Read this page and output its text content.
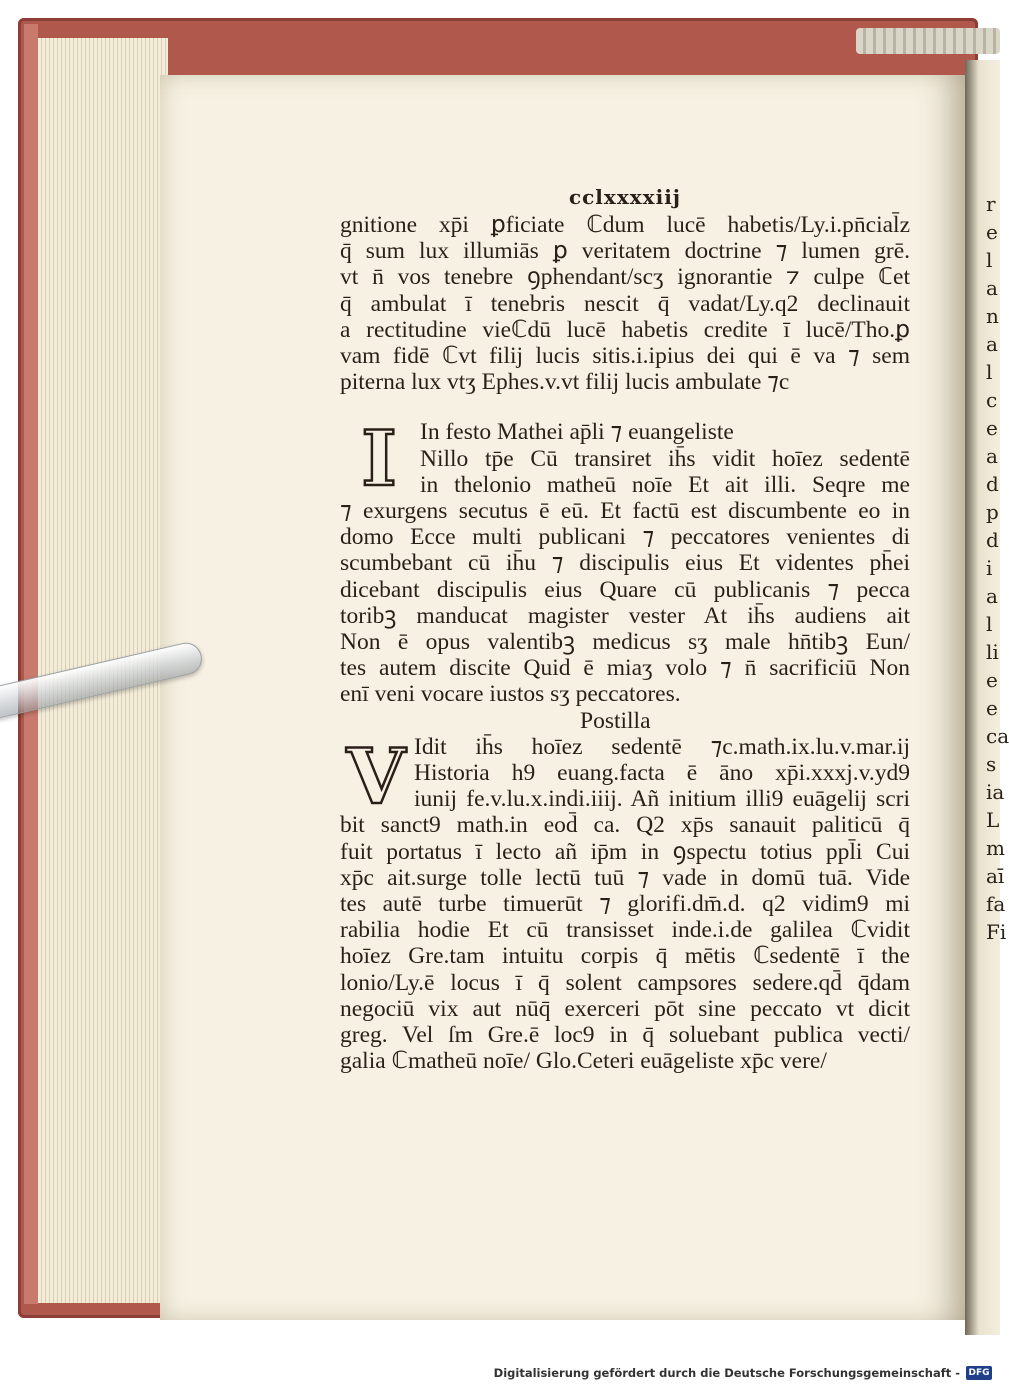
r
e
l
a
n
a
l
c
e
a
d
p
d
i
a
l
li
e
e
ca
s
ia
L
m
aī
fa
Fi
cclxxxxiij
gnitione xp̄i ꝑficiate ℂdum lucē habetis/Ly.i.pn̄cial̄z
q̄ sum lux illumiās ꝑ veritatem doctrine ⁊ lumen grē.
vt n̄ vos tenebre ꝯphendant/scʒ ignorantie ⁊ culpe ℂet
q̄ ambulat ī tenebris nescit q̄ vadat/Ly.q2 declinauit
a rectitudine vieℂdū lucē habetis credite ī lucē/Tho.ꝑ
vam fidē ℂvt filij lucis sitis.i.ipius dei qui ē va ⁊ sem
piterna lux vtʒ Ephes.v.vt filij lucis ambulate ⁊c
I In festo Mathei ap̄li ⁊ euangeliste
Nillo tp̄e Cū transiret ih̄s vidit hoīez sedentē
in thelonio matheū noīe Et ait illi. Seqre me
⁊ exurgens secutus ē eū. Et factū est discumbente eo in
domo Ecce multi publicani ⁊ peccatores venientes di
scumbebant cū ih̄u ⁊ discipulis eius Et videntes ph̄ei
dicebant discipulis eius Quare cū publicanis ⁊ pecca
toribꝫ manducat magister vester At ih̄s audiens ait
Non ē opus valentibꝫ medicus sʒ male hn̄tibꝫ Eun/
tes autem discite Quid ē miaʒ volo ⁊ n̄ sacrificiū Non
enī veni vocare iustos sʒ peccatores.
Postilla
V Idit ih̄s hoīez sedentē ⁊c.math.ix.lu.v.mar.ij
Historia h9 euang.facta ē āno xp̄i.xxxj.v.yd9
iunij fe.v.lu.x.indi.iiij. Añ initium illi9 euāgelij scri
bit sanct9 math.in eod̄ ca. Q2 xp̄s sanauit paliticū q̄
fuit portatus ī lecto añ ip̄m in ꝯspectu totius ppl̄i Cui
xp̄c ait.surge tolle lectū tuū ⁊ vade in domū tuā. Vide
tes autē turbe timuerūt ⁊ glorifi.dm̄.d. q2 vidim9 mi
rabilia hodie Et cū transisset inde.i.de galilea ℂvidit
hoīez Gre.tam intuitu corpis q̄ mētis ℂsedentē ī the
lonio/Ly.ē locus ī q̄ solent campsores sedere.qd̄ q̄dam
negociū vix aut nūq̄ exerceri pōt sine peccato vt dicit
greg. Vel ſm Gre.ē loc9 in q̄ soluebant publica vecti/
galia ℂmatheū noīe/ Glo.Ceteri euāgeliste xp̄c vere/
Digitalisierung gefördert durch die Deutsche Forschungsgemeinschaft - DFG
